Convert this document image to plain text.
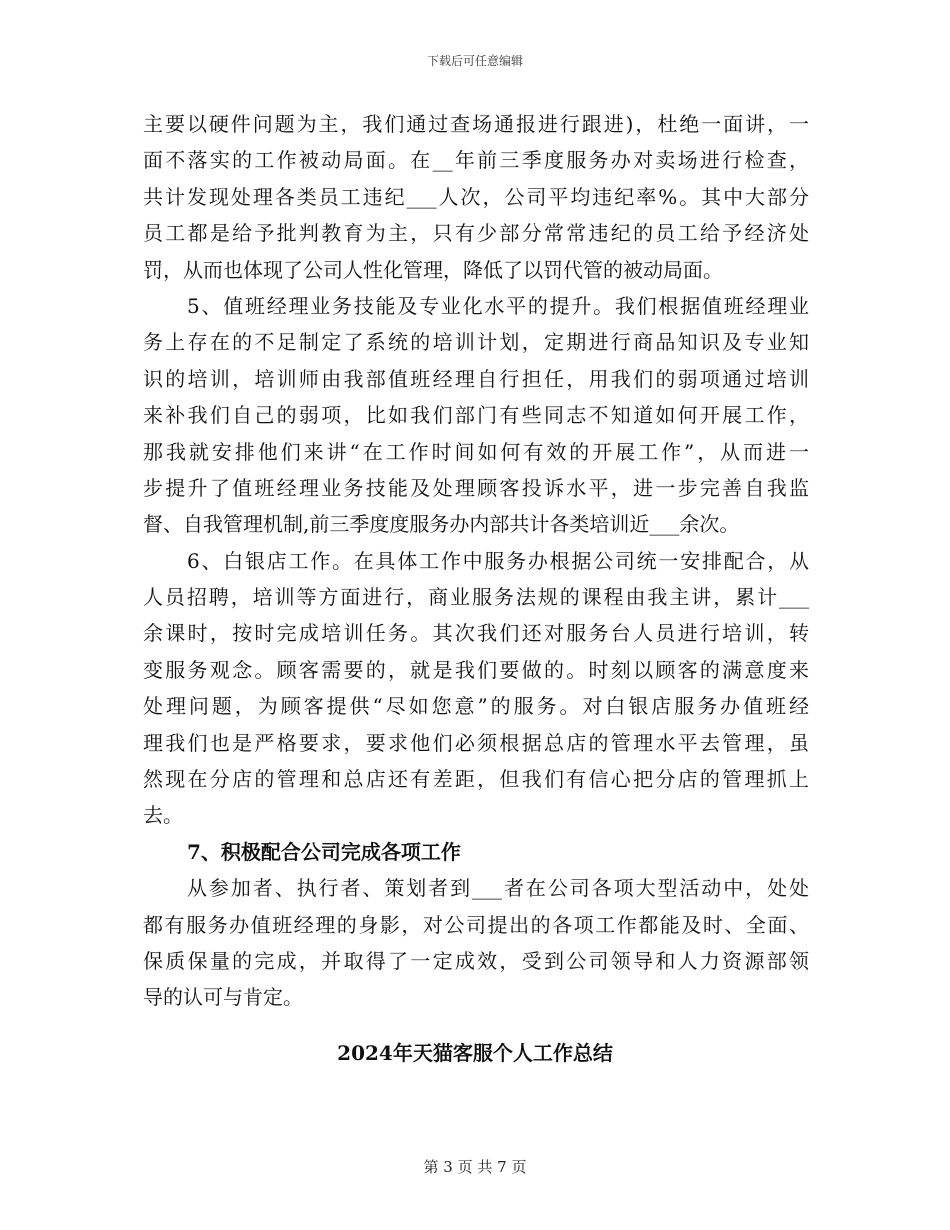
下载后可任意编辑
主要以硬件问题为主，我们通过查场通报进行跟进)，杜绝一面讲，一
面不落实的工作被动局面。在__年前三季度服务办对卖场进行检查，
共计发现处理各类员工违纪___人次，公司平均违纪率%。其中大部分
员工都是给予批判教育为主，只有少部分常常违纪的员工给予经济处
罚，从而也体现了公司人性化管理，降低了以罚代管的被动局面。
5、值班经理业务技能及专业化水平的提升。我们根据值班经理业
务上存在的不足制定了系统的培训计划，定期进行商品知识及专业知
识的培训，培训师由我部值班经理自行担任，用我们的弱项通过培训
来补我们自己的弱项，比如我们部门有些同志不知道如何开展工作，
那我就安排他们来讲“在工作时间如何有效的开展工作”，从而进一
步提升了值班经理业务技能及处理顾客投诉水平，进一步完善自我监
督、自我管理机制,前三季度度服务办内部共计各类培训近___余次。
6、白银店工作。在具体工作中服务办根据公司统一安排配合，从
人员招聘，培训等方面进行，商业服务法规的课程由我主讲，累计___
余课时，按时完成培训任务。其次我们还对服务台人员进行培训，转
变服务观念。顾客需要的，就是我们要做的。时刻以顾客的满意度来
处理问题，为顾客提供“尽如您意”的服务。对白银店服务办值班经
理我们也是严格要求，要求他们必须根据总店的管理水平去管理，虽
然现在分店的管理和总店还有差距，但我们有信心把分店的管理抓上
去。
7、积极配合公司完成各项工作
从参加者、执行者、策划者到___者在公司各项大型活动中，处处
都有服务办值班经理的身影，对公司提出的各项工作都能及时、全面、
保质保量的完成，并取得了一定成效，受到公司领导和人力资源部领
导的认可与肯定。
2024年天猫客服个人工作总结
第 3 页 共 7 页
